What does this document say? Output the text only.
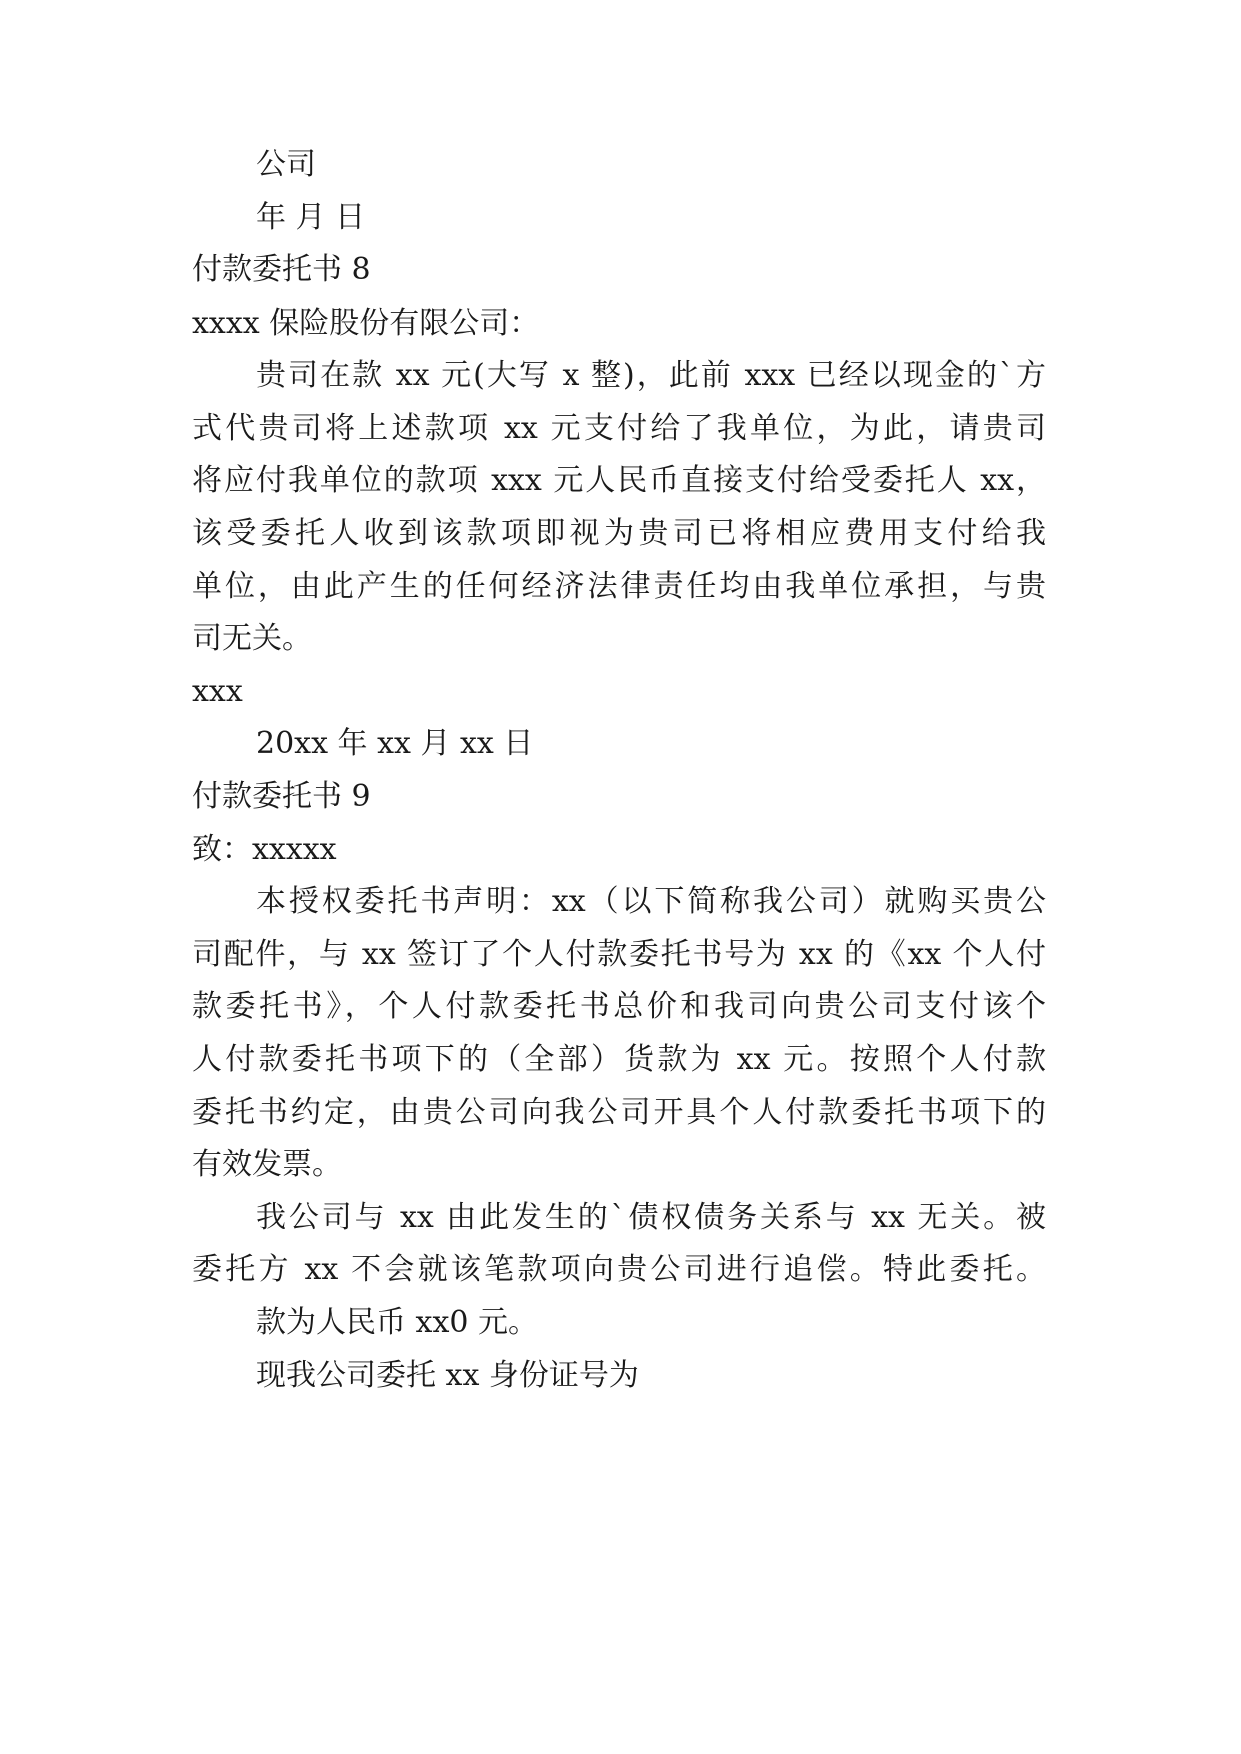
公司
年 月 日
付款委托书 8
xxxx 保险股份有限公司：
贵司在款 xx 元(大写 x 整)，此前 xxx 已经以现金的`方
式代贵司将上述款项 xx 元支付给了我单位，为此，请贵司
将应付我单位的款项 xxx 元人民币直接支付给受委托人 xx，
该受委托人收到该款项即视为贵司已将相应费用支付给我
单位，由此产生的任何经济法律责任均由我单位承担，与贵
司无关。
xxx
20xx 年 xx 月 xx 日
付款委托书 9
致：xxxxx
本授权委托书声明：xx（以下简称我公司）就购买贵公
司配件，与 xx 签订了个人付款委托书号为 xx 的《xx 个人付
款委托书》，个人付款委托书总价和我司向贵公司支付该个
人付款委托书项下的（全部）货款为 xx 元。按照个人付款
委托书约定，由贵公司向我公司开具个人付款委托书项下的
有效发票。
我公司与 xx 由此发生的`债权债务关系与 xx 无关。被
委托方 xx 不会就该笔款项向贵公司进行追偿。特此委托。
款为人民币 xx0 元。
现我公司委托 xx 身份证号为
